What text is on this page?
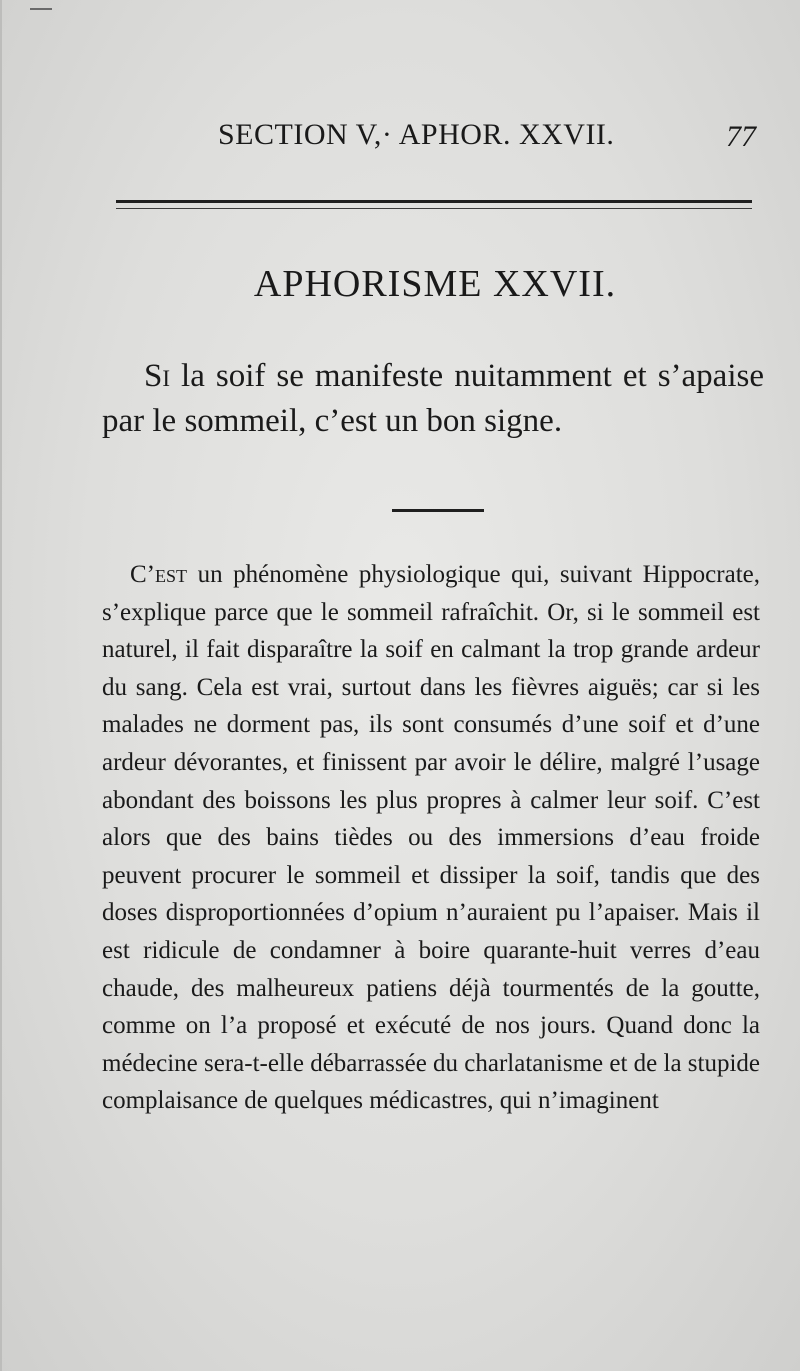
SECTION V,· APHOR. XXVII.	77
APHORISME XXVII.

Si la soif se manifeste nuitamment et s’apaise par le sommeil, c’est un bon signe.

C’est un phénomène physiologique qui, suivant Hippocrate, s’explique parce que le sommeil rafraîchit. Or, si le sommeil est naturel, il fait disparaître la soif en calmant la trop grande ardeur du sang. Cela est vrai, surtout dans les fièvres aiguës; car si les malades ne dorment pas, ils sont consumés d’une soif et d’une ardeur dévorantes, et finissent par avoir le délire, malgré l’usage abondant des boissons les plus propres à calmer leur soif. C’est alors que des bains tièdes ou des immersions d’eau froide peuvent procurer le sommeil et dissiper la soif, tandis que des doses disproportionnées d’opium n’auraient pu l’apaiser. Mais il est ridicule de condamner à boire quarante-huit verres d’eau chaude, des malheureux patiens déjà tourmentés de la goutte, comme on l’a proposé et exécuté de nos jours. Quand donc la médecine sera-t-elle débarrassée du charlatanisme et de la stupide complaisance de quelques médicastres, qui n’imaginent
